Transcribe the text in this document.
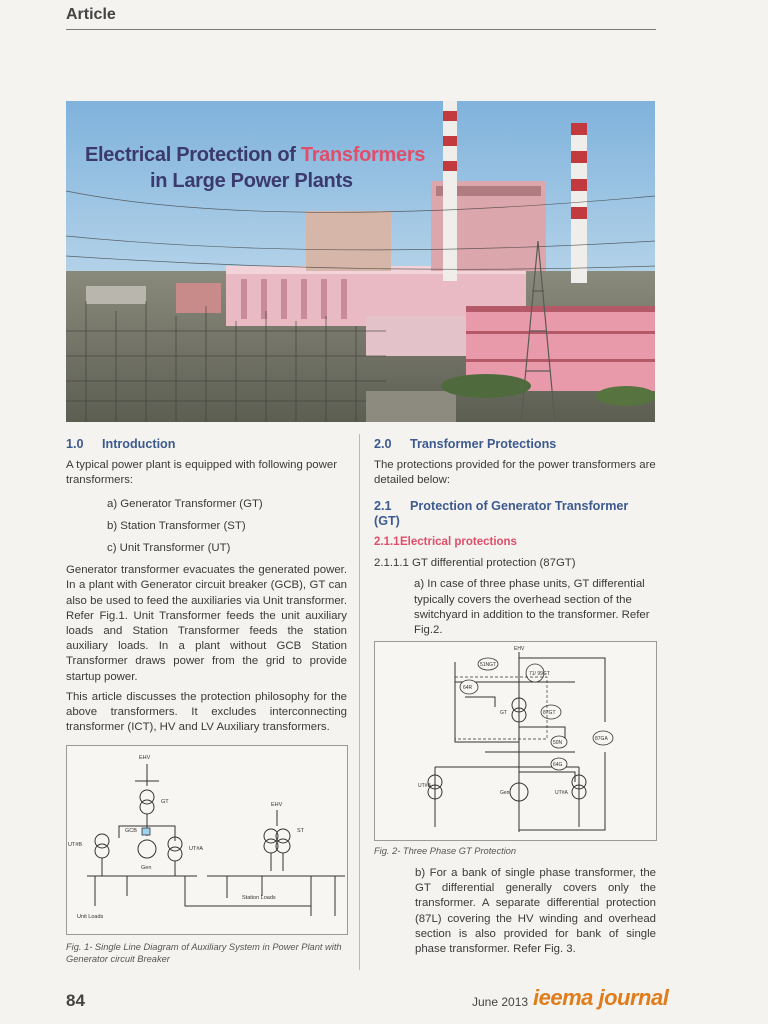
Article
Electrical Protection of Transformers
in Large Power Plants
1.0 Introduction

A typical power plant is equipped with following power transformers:

a) Generator Transformer (GT)
b) Station Transformer (ST)
c) Unit Transformer (UT)

Generator transformer evacuates the generated power. In a plant with Generator circuit breaker (GCB), GT can also be used to feed the auxiliaries via Unit transformer. Refer Fig.1. Unit Transformer feeds the unit auxiliary loads and Station Transformer feeds the station auxiliary loads. In a plant without GCB Station Transformer draws power from the grid to provide startup power.

This article discusses the protection philosophy for the above transformers. It excludes interconnecting transformer (ICT), HV and LV Auxiliary transformers.

EHV
GT	EHV
ST
GCB
UT#B
UT#A
Gen
Station Loads
Unit Loads
Fig. 1- Single Line Diagram of Auxiliary System in Power Plant with Generator circuit Breaker
2.0 Transformer Protections

The protections provided for the power transformers are detailed below:

2.1 Protection of Generator Transformer (GT)
2.1.1Electrical protections

2.1.1.1 GT differential protection (87GT)

a) In case of three phase units, GT differential typically covers the overhead section of the switchyard in addition to the transformer. Refer Fig.2.

EHV
51NGT
71/ 99GT
64R
GT	87GT
87GA
50N
64G
UT#B
Gen	UT#A
Fig. 2- Three Phase GT Protection

b) For a bank of single phase transformer, the GT differential generally covers only the transformer. A separate differential protection (87L) covering the HV winding and overhead section is also provided for bank of single phase transformer. Refer Fig. 3.

84	June 2013 ieema journal
